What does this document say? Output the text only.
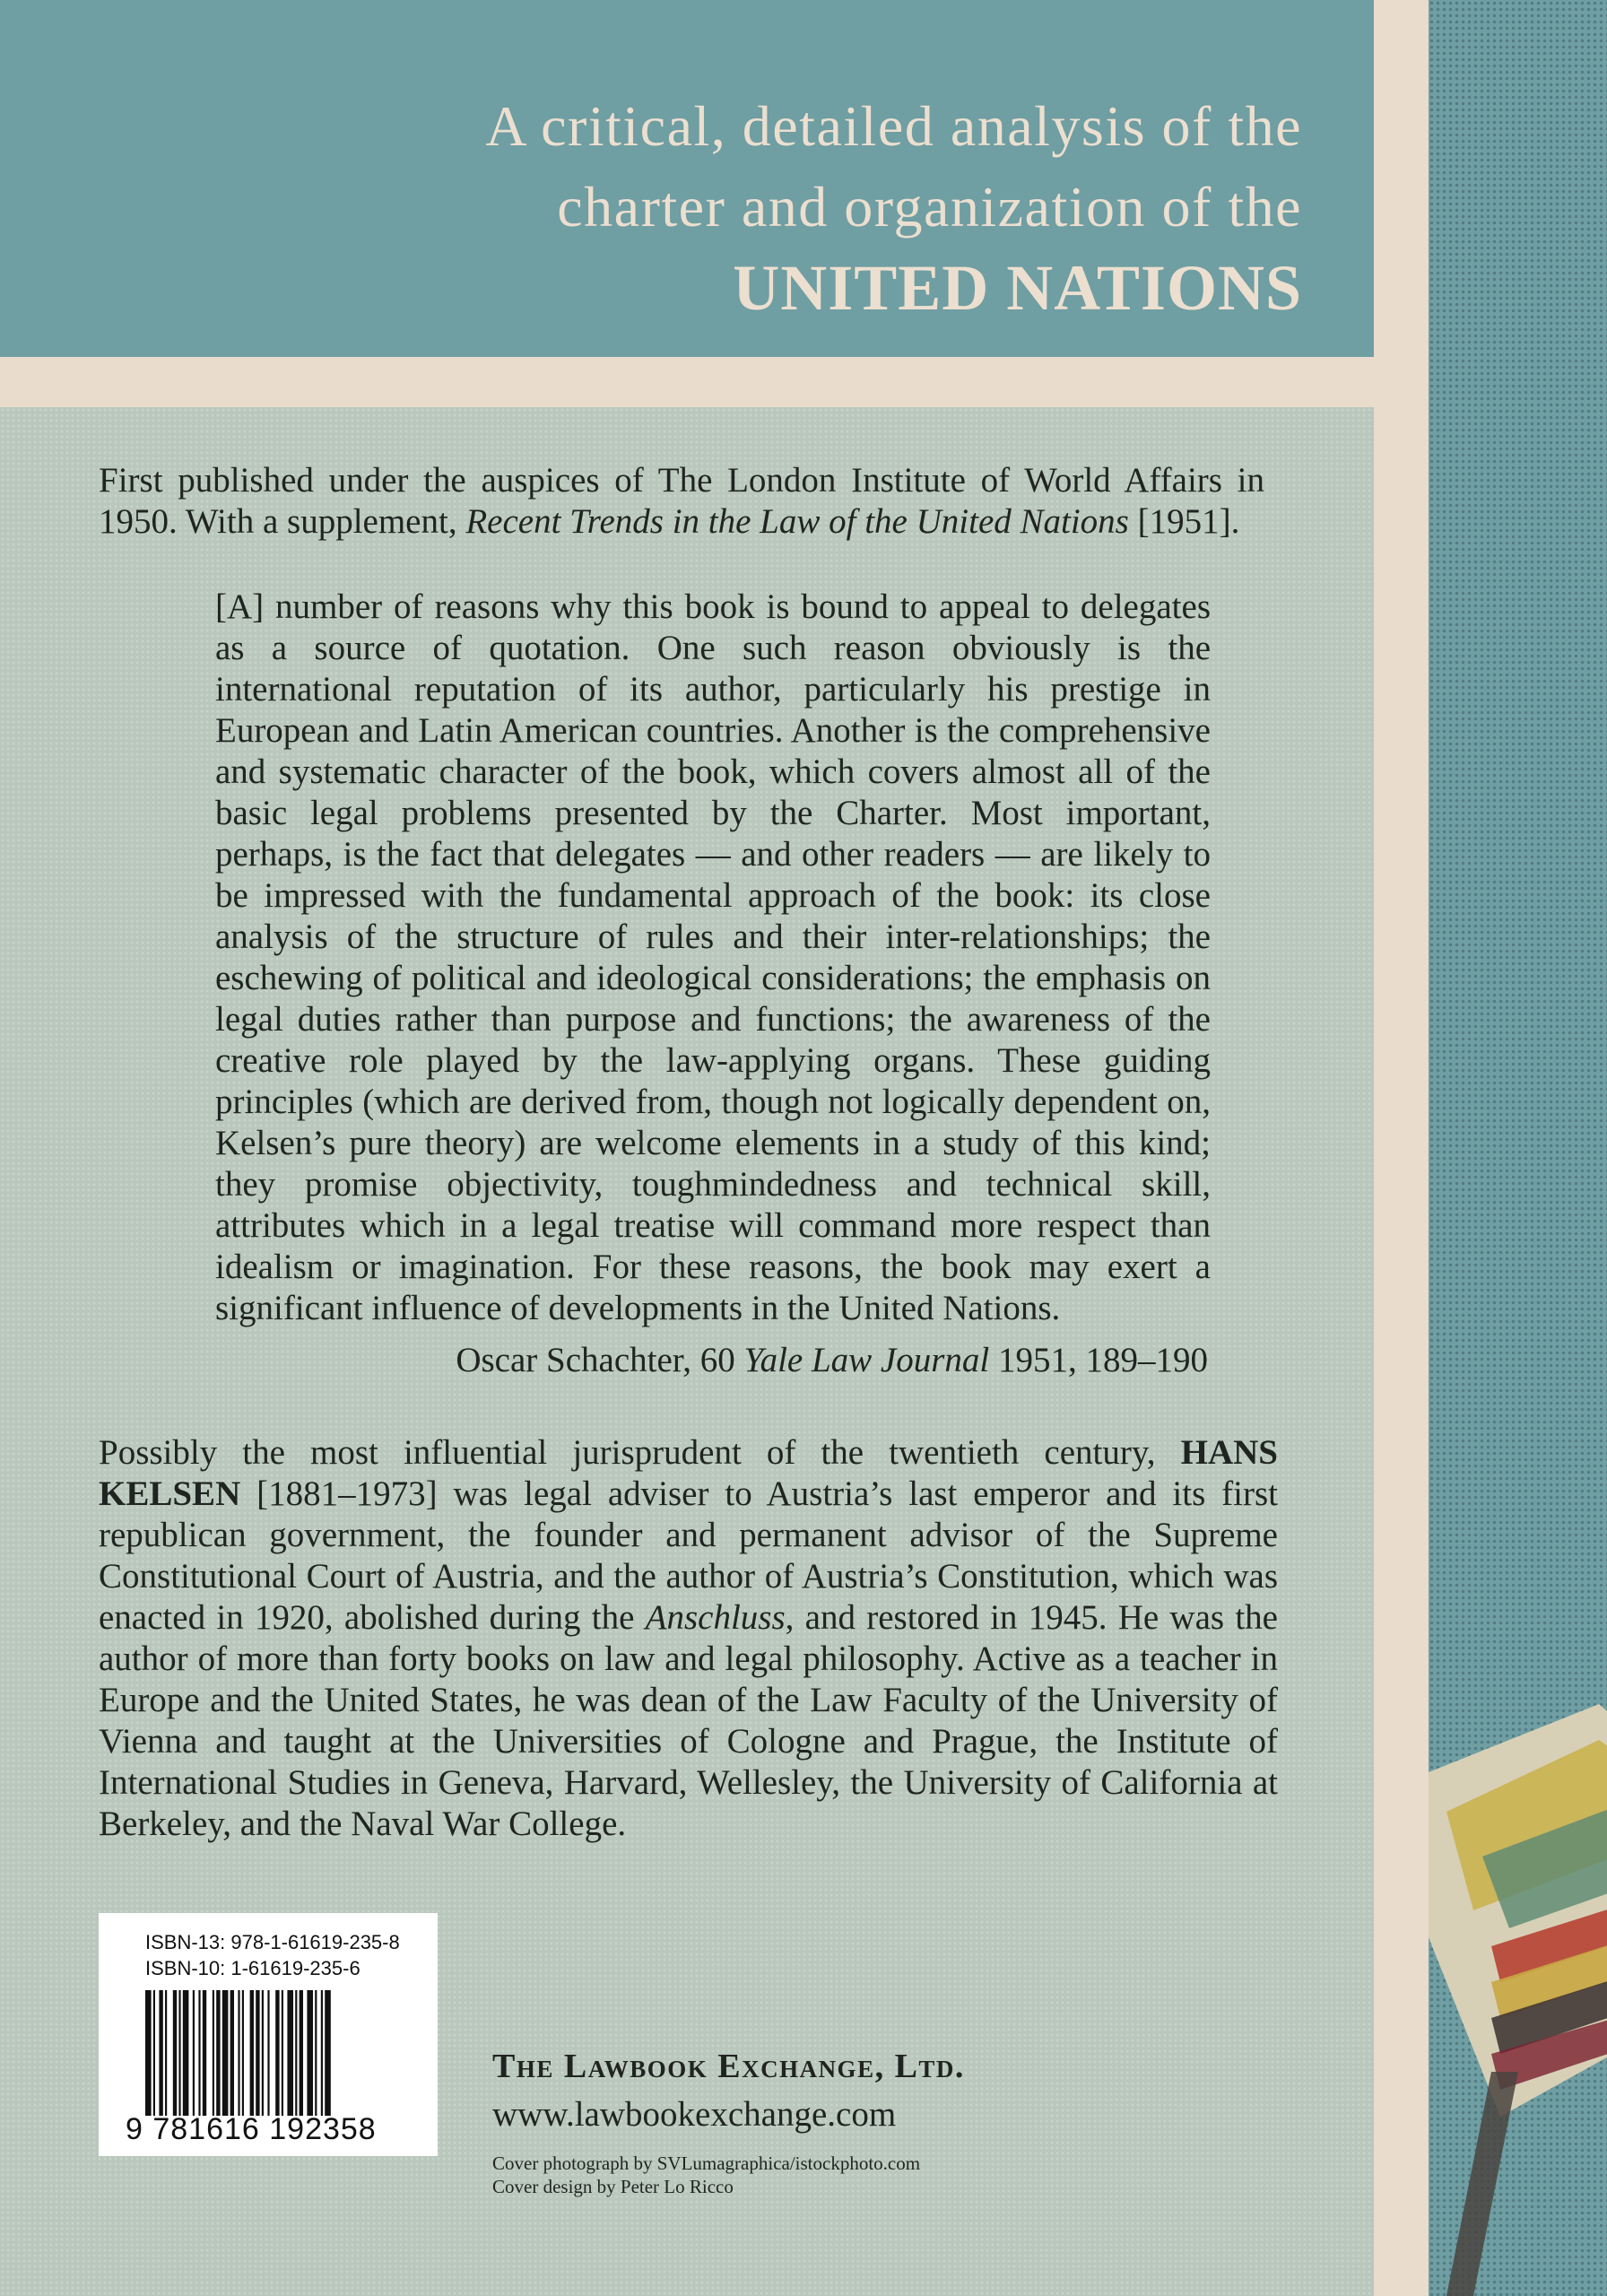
A critical, detailed analysis of the
charter and organization of the
UNITED NATIONS
First published under the auspices of The London Institute of World Affairs in 1950. With a supplement, Recent Trends in the Law of the United Nations [1951].
[A] number of reasons why this book is bound to appeal to delegates as a source of quotation. One such reason obviously is the international reputation of its author, particularly his prestige in European and Latin American countries. Another is the comprehensive and systematic character of the book, which covers almost all of the basic legal problems presented by the Charter. Most important, perhaps, is the fact that delegates — and other readers — are likely to be impressed with the fundamental approach of the book: its close analysis of the structure of rules and their inter-relationships; the eschewing of political and ideological considerations; the emphasis on legal duties rather than purpose and functions; the awareness of the creative role played by the law-applying organs. These guiding principles (which are derived from, though not logically dependent on, Kelsen’s pure theory) are welcome elements in a study of this kind; they promise objectivity, toughmindedness and technical skill, attributes which in a legal treatise will command more respect than idealism or imagination. For these reasons, the book may exert a significant influence of developments in the United Nations.
Oscar Schachter, 60 Yale Law Journal 1951, 189–190
Possibly the most influential jurisprudent of the twentieth century, HANS KELSEN [1881–1973] was legal adviser to Austria’s last emperor and its first republican government, the founder and permanent advisor of the Supreme Constitutional Court of Austria, and the author of Austria’s Constitution, which was enacted in 1920, abolished during the Anschluss, and restored in 1945. He was the author of more than forty books on law and legal philosophy. Active as a teacher in Europe and the United States, he was dean of the Law Faculty of the University of Vienna and taught at the Universities of Cologne and Prague, the Institute of International Studies in Geneva, Harvard, Wellesley, the University of California at Berkeley, and the Naval War College.
ISBN-13: 978-1-61619-235-8
ISBN-10: 1-61619-235-6
9 781616 192358
The Lawbook Exchange, Ltd.
www.lawbookexchange.com
Cover photograph by SVLumagraphica/istockphoto.com
Cover design by Peter Lo Ricco
